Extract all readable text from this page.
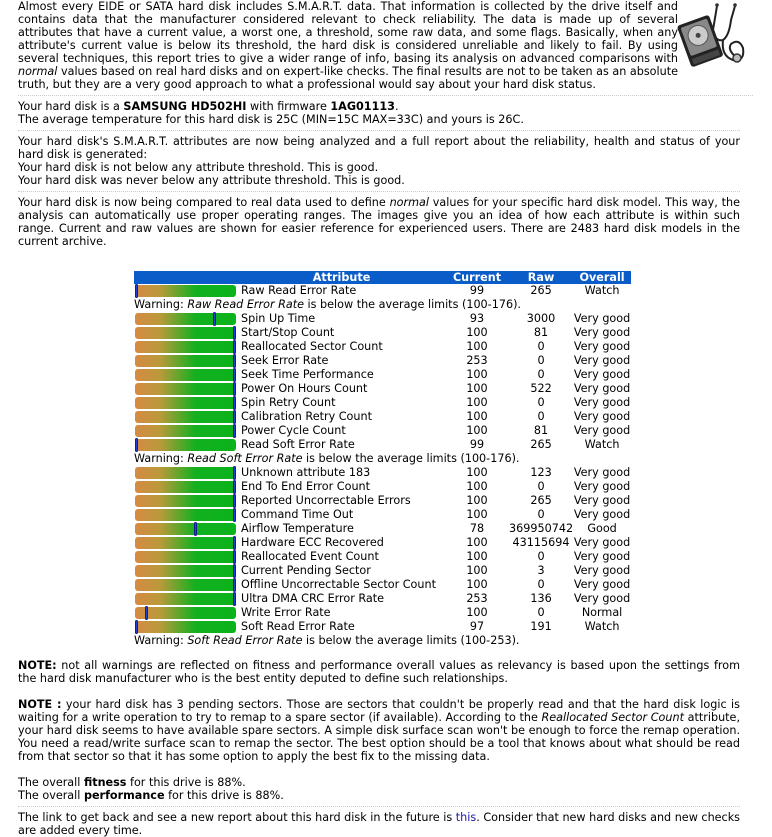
Almost every EIDE or SATA hard disk includes S.M.A.R.T. data. That information is collected by the drive itself and contains data that the manufacturer considered relevant to check reliability. The data is made up of several attributes that have a current value, a worst one, a threshold, some raw data, and some flags. Basically, when any attribute's current value is below its threshold, the hard disk is considered unreliable and likely to fail. By using several techniques, this report tries to give a wider range of info, basing its analysis on advanced comparisons with normal values based on real hard disks and on expert-like checks. The final results are not to be taken as an absolute truth, but they are a very good approach to what a professional would say about your hard disk status.

Your hard disk is a SAMSUNG HD502HI with firmware 1AG01113.

The average temperature for this hard disk is 25C (MIN=15C MAX=33C) and yours is 26C.

Your hard disk's S.M.A.R.T. attributes are now being analyzed and a full report about the reliability, health and status of your hard disk is generated:

Your hard disk is not below any attribute threshold. This is good.

Your hard disk was never below any attribute threshold. This is good.

Your hard disk is now being compared to real data used to define normal values for your specific hard disk model. This way, the analysis can automatically use proper operating ranges. The images give you an idea of how each attribute is within such range. Current and raw values are shown for easier reference for experienced users. There are 2483 hard disk models in the current archive.

	Attribute	Current	Raw	Overall

	Raw Read Error Rate	99	265	Watch
Warning: Raw Read Error Rate is below the average limits (100-176).				

	Spin Up Time	93	3000	Very good

	Start/Stop Count	100	81	Very good

	Reallocated Sector Count	100	0	Very good

	Seek Error Rate	253	0	Very good

	Seek Time Performance	100	0	Very good

	Power On Hours Count	100	522	Very good

	Spin Retry Count	100	0	Very good

	Calibration Retry Count	100	0	Very good

	Power Cycle Count	100	81	Very good

	Read Soft Error Rate	99	265	Watch
Warning: Read Soft Error Rate is below the average limits (100-176).				

	Unknown attribute 183	100	123	Very good

	End To End Error Count	100	0	Very good

	Reported Uncorrectable Errors	100	265	Very good

	Command Time Out	100	0	Very good

	Airflow Temperature	78	369950742	Good

	Hardware ECC Recovered	100	43115694	Very good

	Reallocated Event Count	100	0	Very good

	Current Pending Sector	100	3	Very good

	Offline Uncorrectable Sector Count	100	0	Very good

	Ultra DMA CRC Error Rate	253	136	Very good

	Write Error Rate	100	0	Normal

	Soft Read Error Rate	97	191	Watch
Warning: Soft Read Error Rate is below the average limits (100-253).				

NOTE: not all warnings are reflected on fitness and performance overall values as relevancy is based upon the settings from the hard disk manufacturer who is the best entity deputed to define such relationships.

NOTE : your hard disk has 3 pending sectors. Those are sectors that couldn't be properly read and that the hard disk logic is waiting for a write operation to try to remap to a spare sector (if available). According to the Reallocated Sector Count attribute, your hard disk seems to have available spare sectors. A simple disk surface scan won't be enough to force the remap operation. You need a read/write surface scan to remap the sector. The best option should be a tool that knows about what should be read from that sector so that it has some option to apply the best fix to the missing data.

The overall fitness for this drive is 88%.

The overall performance for this drive is 88%.

The link to get back and see a new report about this hard disk in the future is this. Consider that new hard disks and new checks are added every time.
